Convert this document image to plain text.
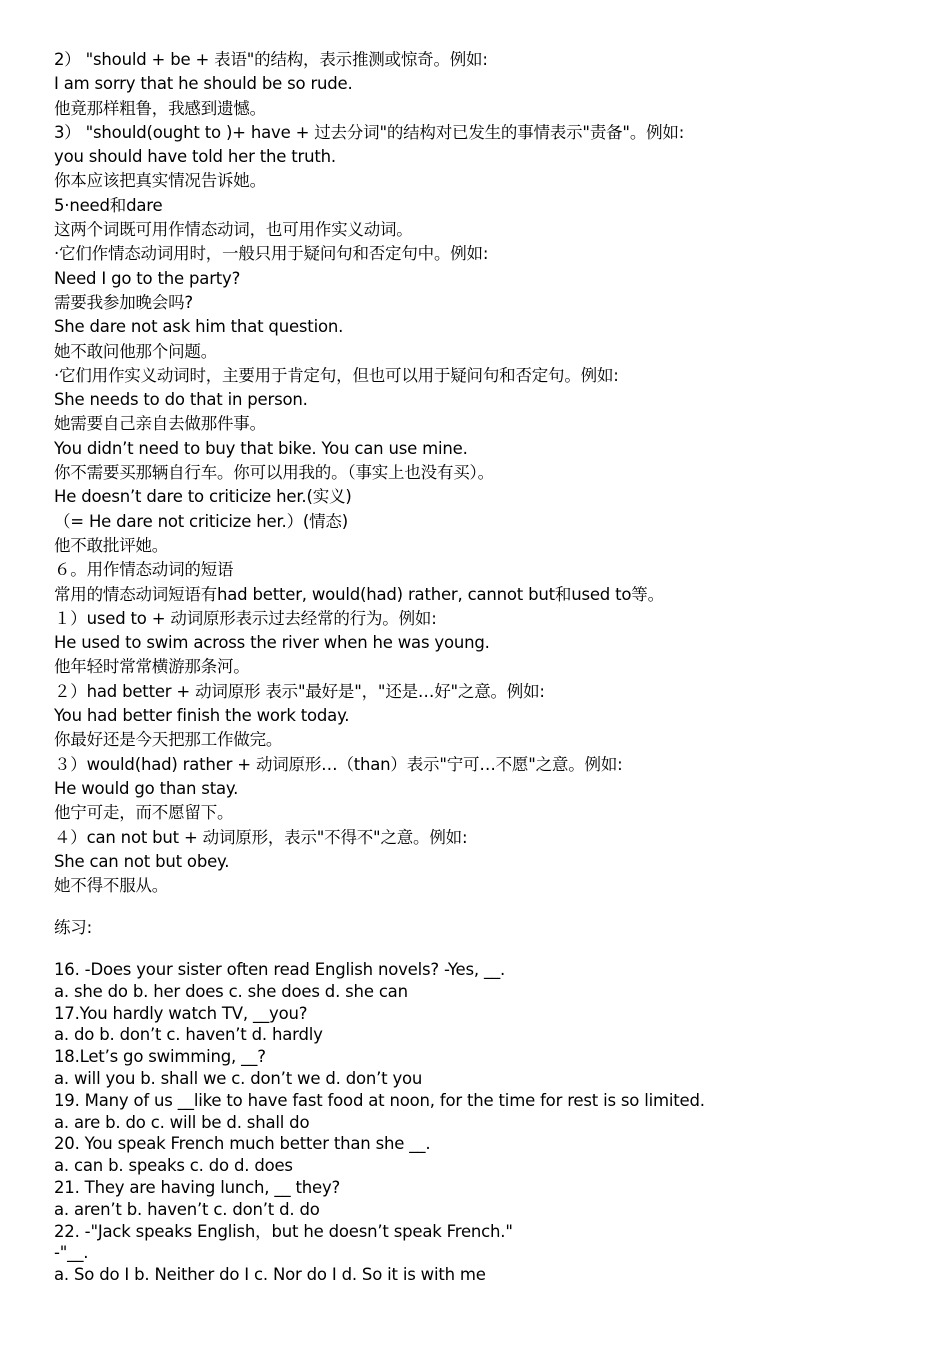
2） "should + be + 表语"的结构，表示推测或惊奇。例如:
I am sorry that he should be so rude.
他竟那样粗鲁，我感到遗憾。
3） "should(ought to )+ have + 过去分词"的结构对已发生的事情表示"责备"。例如:
you should have told her the truth.
你本应该把真实情况告诉她。
5·need和dare
这两个词既可用作情态动词，也可用作实义动词。
·它们作情态动词用时，一般只用于疑问句和否定句中。例如:
Need I go to the party?
需要我参加晚会吗?
She dare not ask him that question.
她不敢问他那个问题。
·它们用作实义动词时，主要用于肯定句，但也可以用于疑问句和否定句。例如:
She needs to do that in person.
她需要自己亲自去做那件事。
You didn’t need to buy that bike. You can use mine.
你不需要买那辆自行车。你可以用我的。（事实上也没有买）。
He doesn’t dare to criticize her.(实义)
（= He dare not criticize her.）(情态)
他不敢批评她。
６。用作情态动词的短语
常用的情态动词短语有had better, would(had) rather, cannot but和used to等。
１）used to + 动词原形表示过去经常的行为。例如:
He used to swim across the river when he was young.
他年轻时常常横游那条河。
２）had better + 动词原形 表示"最好是"，"还是…好"之意。例如:
You had better finish the work today.
你最好还是今天把那工作做完。
３）would(had) rather + 动词原形…（than）表示"宁可…不愿"之意。例如:
He would go than stay.
他宁可走，而不愿留下。
４）can not but + 动词原形，表示"不得不"之意。例如:
She can not but obey.
她不得不服从。
练习:
16. -Does your sister often read English novels? -Yes, __.
a. she do b. her does c. she does d. she can
17.You hardly watch TV, __you?
a. do b. don’t c. haven’t d. hardly
18.Let’s go swimming, __?
a. will you b. shall we c. don’t we d. don’t you
19. Many of us __like to have fast food at noon, for the time for rest is so limited.
a. are b. do c. will be d. shall do
20. You speak French much better than she __.
a. can b. speaks c. do d. does
21. They are having lunch, __ they?
a. aren’t b. haven’t c. don’t d. do
22. -"Jack speaks English，but he doesn’t speak French."
-"__.
a. So do I b. Neither do I c. Nor do I d. So it is with me
